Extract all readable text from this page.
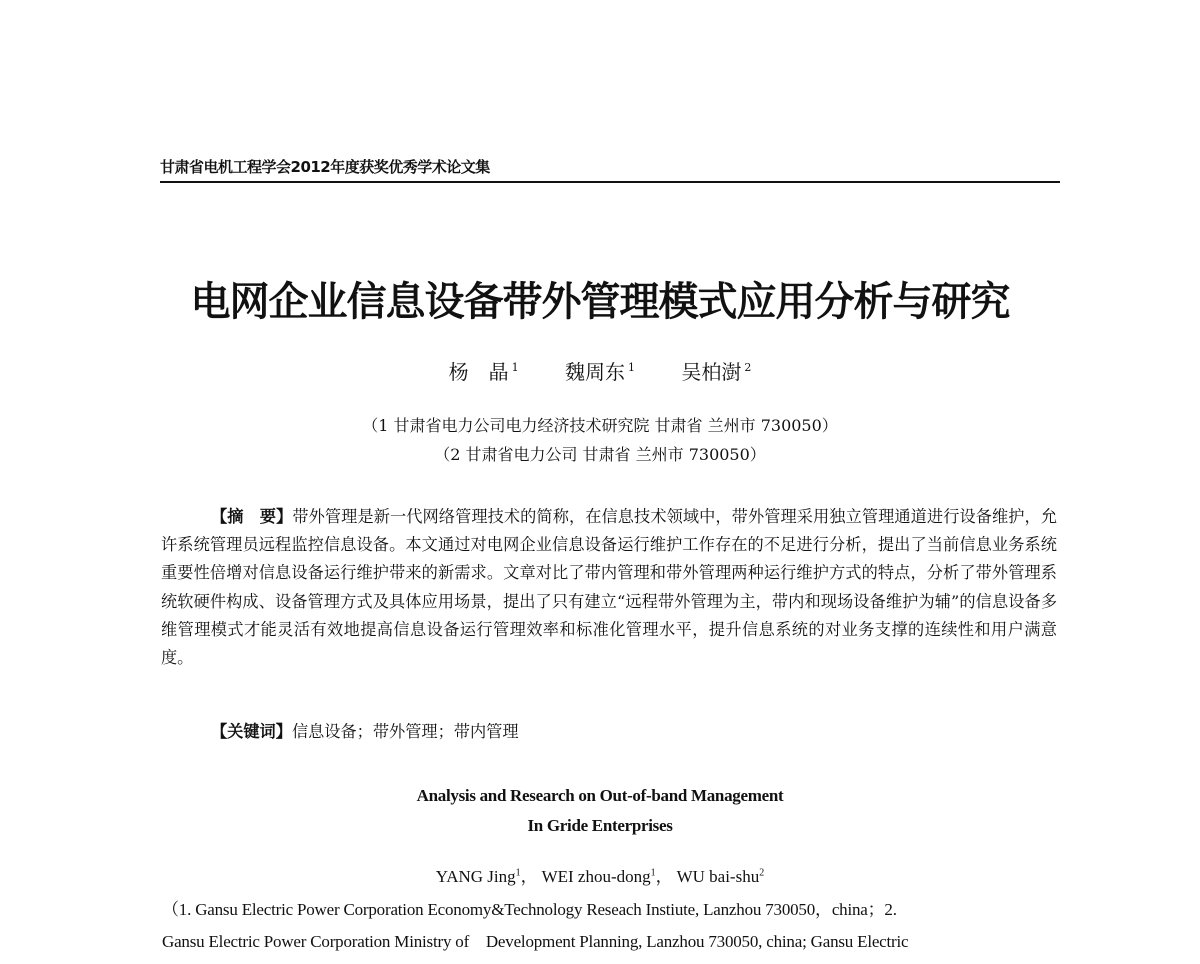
甘肃省电机工程学会2012年度获奖优秀学术论文集
电网企业信息设备带外管理模式应用分析与研究
杨　晶 $^1$ 魏周东 $^1$ 吴柏澍 $^2$
（1 甘肃省电力公司电力经济技术研究院 甘肃省 兰州市 730050）
（2 甘肃省电力公司 甘肃省 兰州市 730050）

【摘　要】带外管理是新一代网络管理技术的简称，在信息技术领域中，带外管理采用独立管理通道进行设备维护，允许系统管理员远程监控信息设备。本文通过对电网企业信息设备运行维护工作存在的不足进行分析，提出了当前信息业务系统重要性倍增对信息设备运行维护带来的新需求。文章对比了带内管理和带外管理两种运行维护方式的特点，分析了带外管理系统软硬件构成、设备管理方式及具体应用场景，提出了只有建立“远程带外管理为主，带内和现场设备维护为辅”的信息设备多维管理模式才能灵活有效地提高信息设备运行管理效率和标准化管理水平，提升信息系统的对业务支撑的连续性和用户满意度。

【关键词】信息设备；带外管理；带内管理

Analysis and Research on Out-of-band Management
In Gride Enterprises
YANG Jing$^1$， WEI zhou-dong$^1$， WU bai-shu$^2$
（1. Gansu Electric Power Corporation Economy&Technology Reseach Instiute, Lanzhou 730050，china；2.
Gansu Electric Power Corporation Ministry of　Development Planning, Lanzhou 730050, china; Gansu Electric
